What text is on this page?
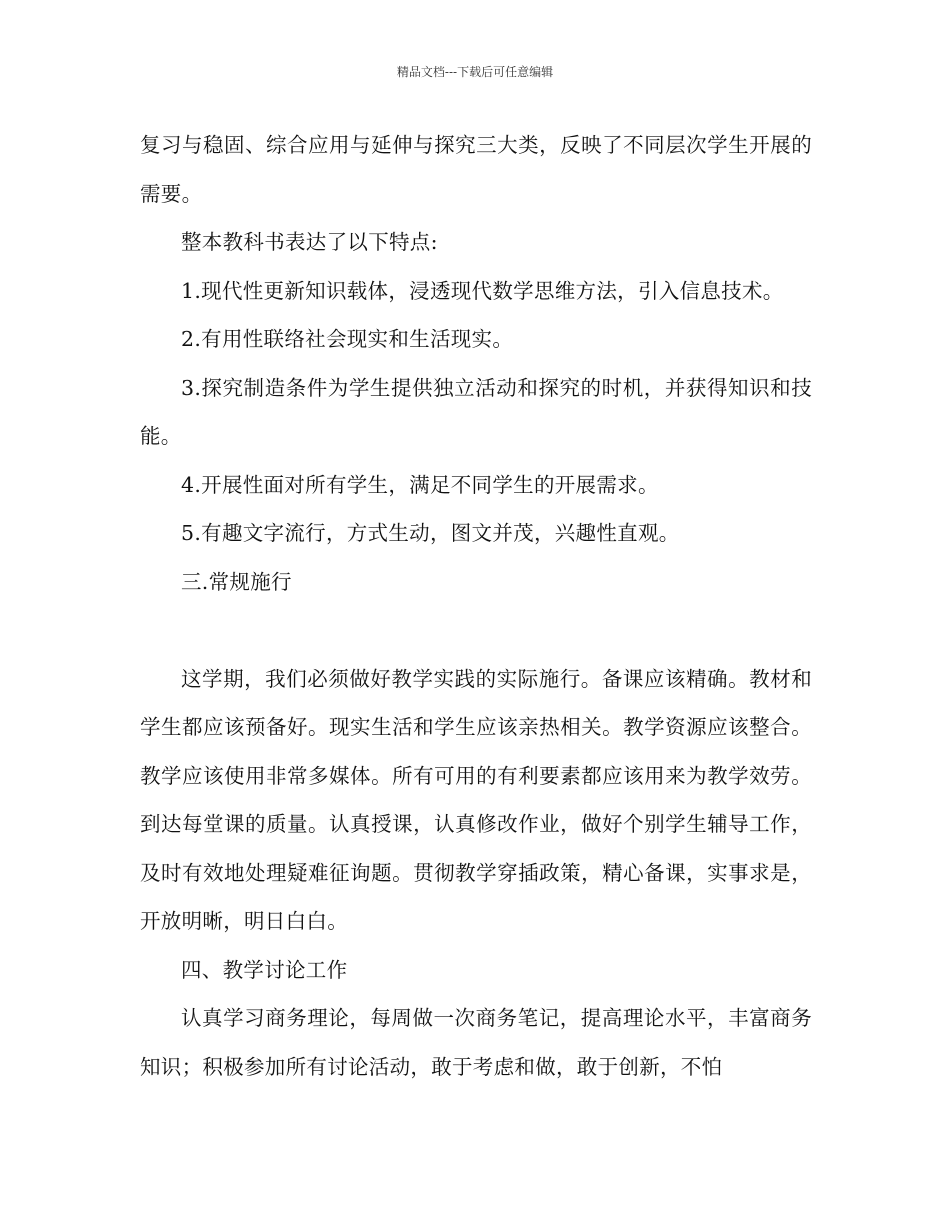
精品文档---下载后可任意编辑

复习与稳固、综合应用与延伸与探究三大类，反映了不同层次学生开展的需要。

整本教科书表达了以下特点:

1.现代性更新知识载体，浸透现代数学思维方法，引入信息技术。

2.有用性联络社会现实和生活现实。

3.探究制造条件为学生提供独立活动和探究的时机，并获得知识和技能。

4.开展性面对所有学生，满足不同学生的开展需求。

5.有趣文字流行，方式生动，图文并茂，兴趣性直观。

三.常规施行

这学期，我们必须做好教学实践的实际施行。备课应该精确。教材和学生都应该预备好。现实生活和学生应该亲热相关。教学资源应该整合。教学应该使用非常多媒体。所有可用的有利要素都应该用来为教学效劳。到达每堂课的质量。认真授课，认真修改作业，做好个别学生辅导工作，及时有效地处理疑难征询题。贯彻教学穿插政策，精心备课，实事求是，开放明晰，明日白白。

四、教学讨论工作

认真学习商务理论，每周做一次商务笔记，提高理论水平，丰富商务知识；积极参加所有讨论活动，敢于考虑和做，敢于创新，不怕
